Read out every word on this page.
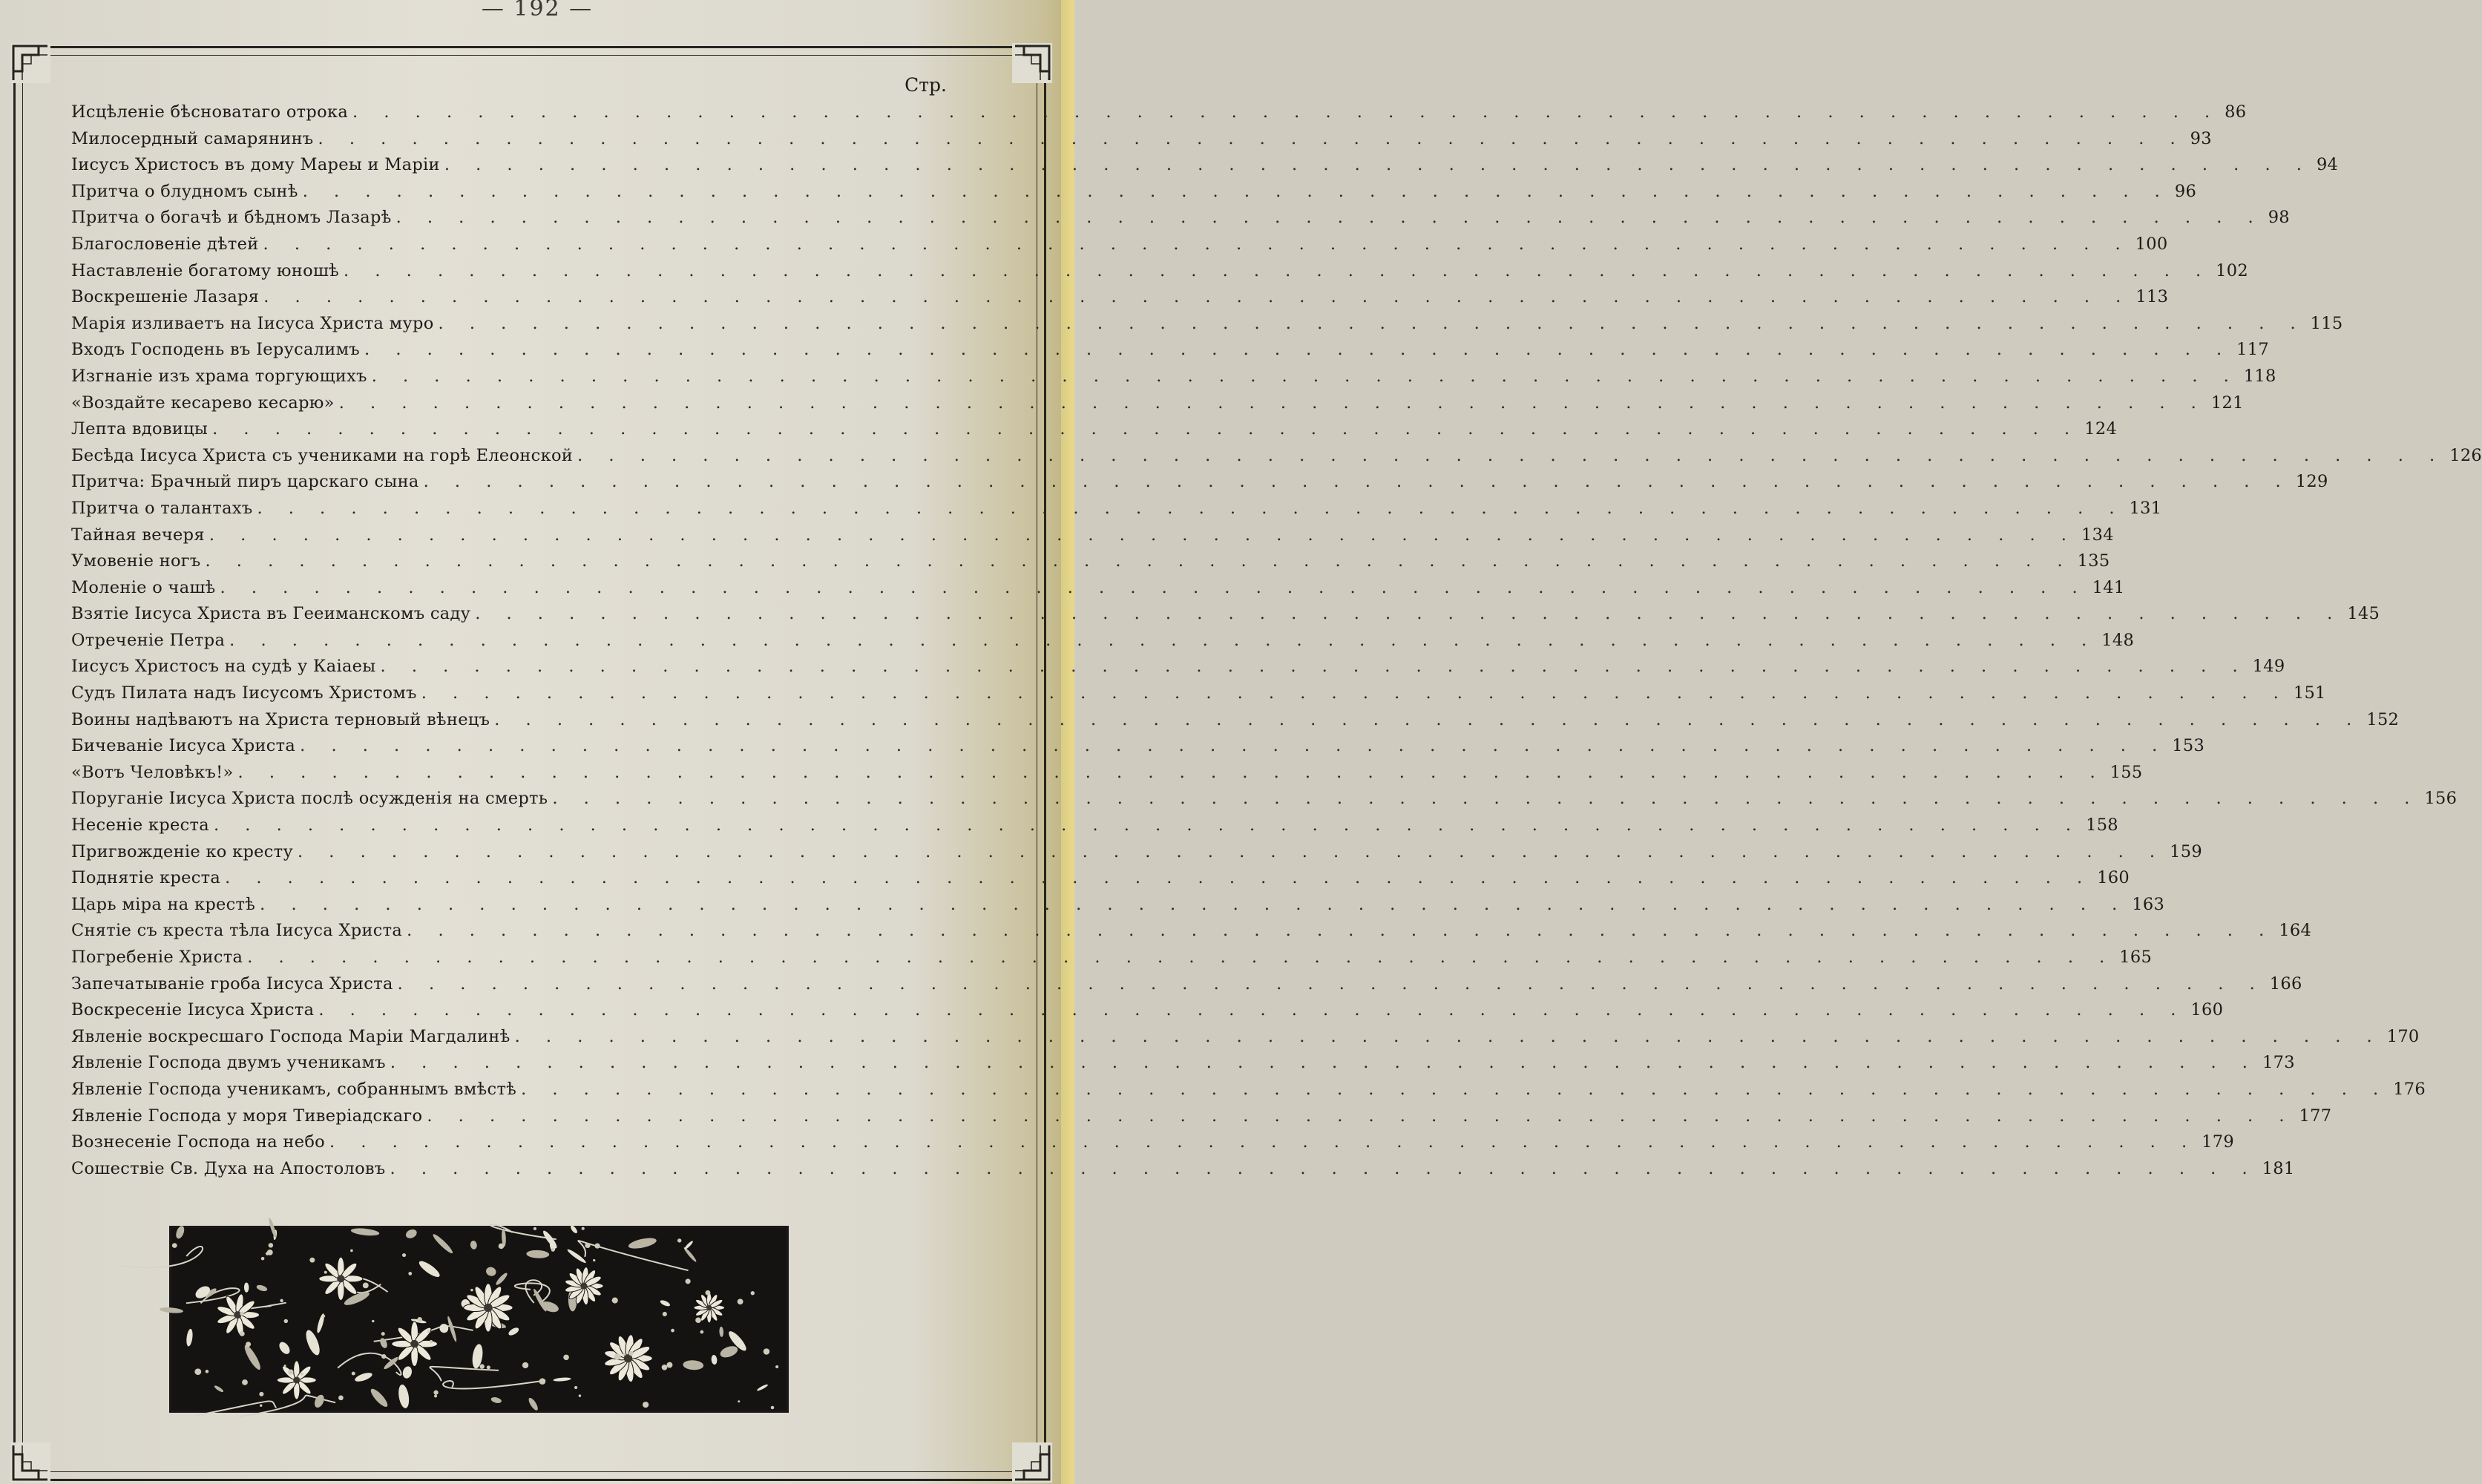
— 192 —
Стр.
Исцѣленіе бѣсноватаго отрока . . . . . . . . . . . . . . . . . . . . . . . . . . . . . . . . . . . . . . . . . . . . . . . . . . . . . . . . . . . . 86
Милосердный самарянинъ . . . . . . . . . . . . . . . . . . . . . . . . . . . . . . . . . . . . . . . . . . . . . . . . . . . . . . . . . . . . 93
Іисусъ Христосъ въ дому Мареы и Маріи . . . . . . . . . . . . . . . . . . . . . . . . . . . . . . . . . . . . . . . . . . . . . . . . . . . . . . . . . . . . 94
Притча о блудномъ сынѣ . . . . . . . . . . . . . . . . . . . . . . . . . . . . . . . . . . . . . . . . . . . . . . . . . . . . . . . . . . . . 96
Притча о богачѣ и бѣдномъ Лазарѣ . . . . . . . . . . . . . . . . . . . . . . . . . . . . . . . . . . . . . . . . . . . . . . . . . . . . . . . . . . . . 98
Благословеніе дѣтей . . . . . . . . . . . . . . . . . . . . . . . . . . . . . . . . . . . . . . . . . . . . . . . . . . . . . . . . . . . . 100
Наставленіе богатому юношѣ . . . . . . . . . . . . . . . . . . . . . . . . . . . . . . . . . . . . . . . . . . . . . . . . . . . . . . . . . . . . 102
Воскрешеніе Лазаря . . . . . . . . . . . . . . . . . . . . . . . . . . . . . . . . . . . . . . . . . . . . . . . . . . . . . . . . . . . . 113
Марія изливаетъ на Іисуса Христа муро . . . . . . . . . . . . . . . . . . . . . . . . . . . . . . . . . . . . . . . . . . . . . . . . . . . . . . . . . . . . 115
Входъ Господень въ Іерусалимъ . . . . . . . . . . . . . . . . . . . . . . . . . . . . . . . . . . . . . . . . . . . . . . . . . . . . . . . . . . . . 117
Изгнаніе изъ храма торгующихъ . . . . . . . . . . . . . . . . . . . . . . . . . . . . . . . . . . . . . . . . . . . . . . . . . . . . . . . . . . . . 118
«Воздайте кесарево кесарю» . . . . . . . . . . . . . . . . . . . . . . . . . . . . . . . . . . . . . . . . . . . . . . . . . . . . . . . . . . . . 121
Лепта вдовицы . . . . . . . . . . . . . . . . . . . . . . . . . . . . . . . . . . . . . . . . . . . . . . . . . . . . . . . . . . . . 124
Бесѣда Іисуса Христа съ учениками на горѣ Елеонской . . . . . . . . . . . . . . . . . . . . . . . . . . . . . . . . . . . . . . . . . . . . . . . . . . . . . . . . . . . . 126
Притча: Брачный пиръ царскаго сына . . . . . . . . . . . . . . . . . . . . . . . . . . . . . . . . . . . . . . . . . . . . . . . . . . . . . . . . . . . . 129
Притча о талантахъ . . . . . . . . . . . . . . . . . . . . . . . . . . . . . . . . . . . . . . . . . . . . . . . . . . . . . . . . . . . . 131
Тайная вечеря . . . . . . . . . . . . . . . . . . . . . . . . . . . . . . . . . . . . . . . . . . . . . . . . . . . . . . . . . . . . 134
Умовеніе ногъ . . . . . . . . . . . . . . . . . . . . . . . . . . . . . . . . . . . . . . . . . . . . . . . . . . . . . . . . . . . . 135
Моленіе о чашѣ . . . . . . . . . . . . . . . . . . . . . . . . . . . . . . . . . . . . . . . . . . . . . . . . . . . . . . . . . . . . 141
Взятіе Іисуса Христа въ Гееиманскомъ саду . . . . . . . . . . . . . . . . . . . . . . . . . . . . . . . . . . . . . . . . . . . . . . . . . . . . . . . . . . . . 145
Отреченіе Петра . . . . . . . . . . . . . . . . . . . . . . . . . . . . . . . . . . . . . . . . . . . . . . . . . . . . . . . . . . . . 148
Іисусъ Христосъ на судѣ у Каіаеы . . . . . . . . . . . . . . . . . . . . . . . . . . . . . . . . . . . . . . . . . . . . . . . . . . . . . . . . . . . . 149
Судъ Пилата надъ Іисусомъ Христомъ . . . . . . . . . . . . . . . . . . . . . . . . . . . . . . . . . . . . . . . . . . . . . . . . . . . . . . . . . . . . 151
Воины надѣваютъ на Христа терновый вѣнецъ . . . . . . . . . . . . . . . . . . . . . . . . . . . . . . . . . . . . . . . . . . . . . . . . . . . . . . . . . . . . 152
Бичеваніе Іисуса Христа . . . . . . . . . . . . . . . . . . . . . . . . . . . . . . . . . . . . . . . . . . . . . . . . . . . . . . . . . . . . 153
«Вотъ Человѣкъ!» . . . . . . . . . . . . . . . . . . . . . . . . . . . . . . . . . . . . . . . . . . . . . . . . . . . . . . . . . . . . 155
Поруганіе Іисуса Христа послѣ осужденія на смерть . . . . . . . . . . . . . . . . . . . . . . . . . . . . . . . . . . . . . . . . . . . . . . . . . . . . . . . . . . . . 156
Несеніе креста . . . . . . . . . . . . . . . . . . . . . . . . . . . . . . . . . . . . . . . . . . . . . . . . . . . . . . . . . . . . 158
Пригвожденіе ко кресту . . . . . . . . . . . . . . . . . . . . . . . . . . . . . . . . . . . . . . . . . . . . . . . . . . . . . . . . . . . . 159
Поднятіе креста . . . . . . . . . . . . . . . . . . . . . . . . . . . . . . . . . . . . . . . . . . . . . . . . . . . . . . . . . . . . 160
Царь міра на крестѣ . . . . . . . . . . . . . . . . . . . . . . . . . . . . . . . . . . . . . . . . . . . . . . . . . . . . . . . . . . . . 163
Снятіе съ креста тѣла Іисуса Христа . . . . . . . . . . . . . . . . . . . . . . . . . . . . . . . . . . . . . . . . . . . . . . . . . . . . . . . . . . . . 164
Погребеніе Христа . . . . . . . . . . . . . . . . . . . . . . . . . . . . . . . . . . . . . . . . . . . . . . . . . . . . . . . . . . . . 165
Запечатываніе гроба Іисуса Христа . . . . . . . . . . . . . . . . . . . . . . . . . . . . . . . . . . . . . . . . . . . . . . . . . . . . . . . . . . . . 166
Воскресеніе Іисуса Христа . . . . . . . . . . . . . . . . . . . . . . . . . . . . . . . . . . . . . . . . . . . . . . . . . . . . . . . . . . . . 160
Явленіе воскресшаго Господа Маріи Магдалинѣ . . . . . . . . . . . . . . . . . . . . . . . . . . . . . . . . . . . . . . . . . . . . . . . . . . . . . . . . . . . . 170
Явленіе Господа двумъ ученикамъ . . . . . . . . . . . . . . . . . . . . . . . . . . . . . . . . . . . . . . . . . . . . . . . . . . . . . . . . . . . . 173
Явленіе Господа ученикамъ, собраннымъ вмѣстѣ . . . . . . . . . . . . . . . . . . . . . . . . . . . . . . . . . . . . . . . . . . . . . . . . . . . . . . . . . . . . 176
Явленіе Господа у моря Тиверіадскаго . . . . . . . . . . . . . . . . . . . . . . . . . . . . . . . . . . . . . . . . . . . . . . . . . . . . . . . . . . . . 177
Вознесеніе Господа на небо . . . . . . . . . . . . . . . . . . . . . . . . . . . . . . . . . . . . . . . . . . . . . . . . . . . . . . . . . . . . 179
Сошествіе Св. Духа на Апостоловъ . . . . . . . . . . . . . . . . . . . . . . . . . . . . . . . . . . . . . . . . . . . . . . . . . . . . . . . . . . . . 181
